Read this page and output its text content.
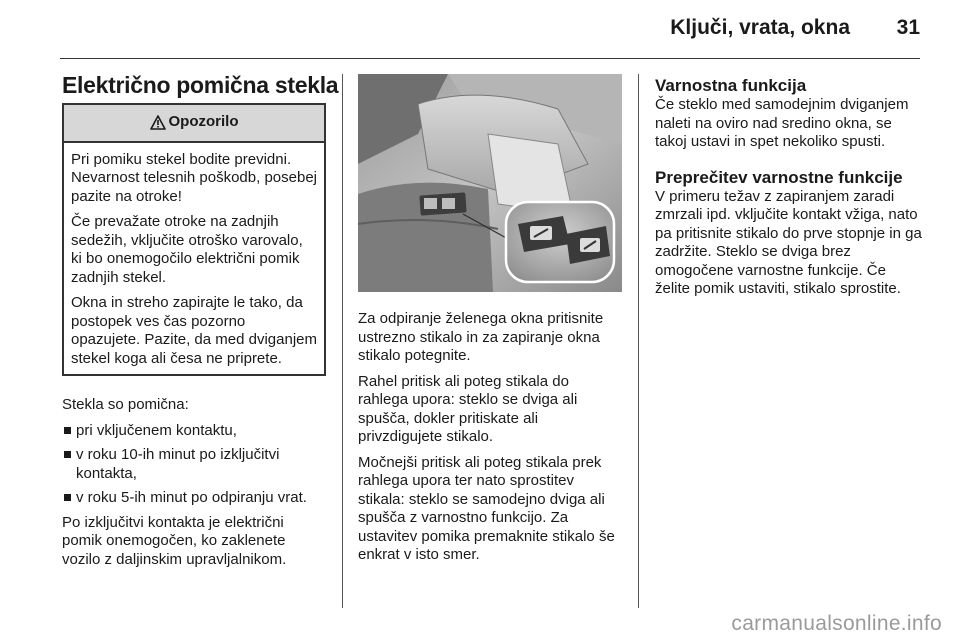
Ključi, vrata, okna 31
Električno pomična stekla
Opozorilo

Pri pomiku stekel bodite previdni. Nevarnost telesnih poškodb, posebej pazite na otroke!

Če prevažate otroke na zadnjih sedežih, vključite otroško varovalo, ki bo onemogočilo električni pomik zadnjih stekel.

Okna in streho zapirajte le tako, da postopek ves čas pozorno opazujete. Pazite, da med dviganjem stekel koga ali česa ne priprete.

Stekla so pomična:

pri vključenem kontaktu,
v roku 10-ih minut po izključitvi kontakta,
v roku 5-ih minut po odpiranju vrat.

Po izključitvi kontakta je električni pomik onemogočen, ko zaklenete vozilo z daljinskim upravljalnikom.

Za odpiranje želenega okna pritisnite ustrezno stikalo in za zapiranje okna stikalo potegnite.

Rahel pritisk ali poteg stikala do rahlega upora: steklo se dviga ali spušča, dokler pritiskate ali privzdigujete stikalo.

Močnejši pritisk ali poteg stikala prek rahlega upora ter nato sprostitev stikala: steklo se samodejno dviga ali spušča z varnostno funkcijo. Za ustavitev pomika premaknite stikalo še enkrat v isto smer.

Varnostna funkcija

Če steklo med samodejnim dviganjem naleti na oviro nad sredino okna, se takoj ustavi in spet nekoliko spusti.

Preprečitev varnostne funkcije

V primeru težav z zapiranjem zaradi zmrzali ipd. vključite kontakt vžiga, nato pa pritisnite stikalo do prve stopnje in ga zadržite. Steklo se dviga brez omogočene varnostne funkcije. Če želite pomik ustaviti, stikalo sprostite.

carmanualsonline.info
